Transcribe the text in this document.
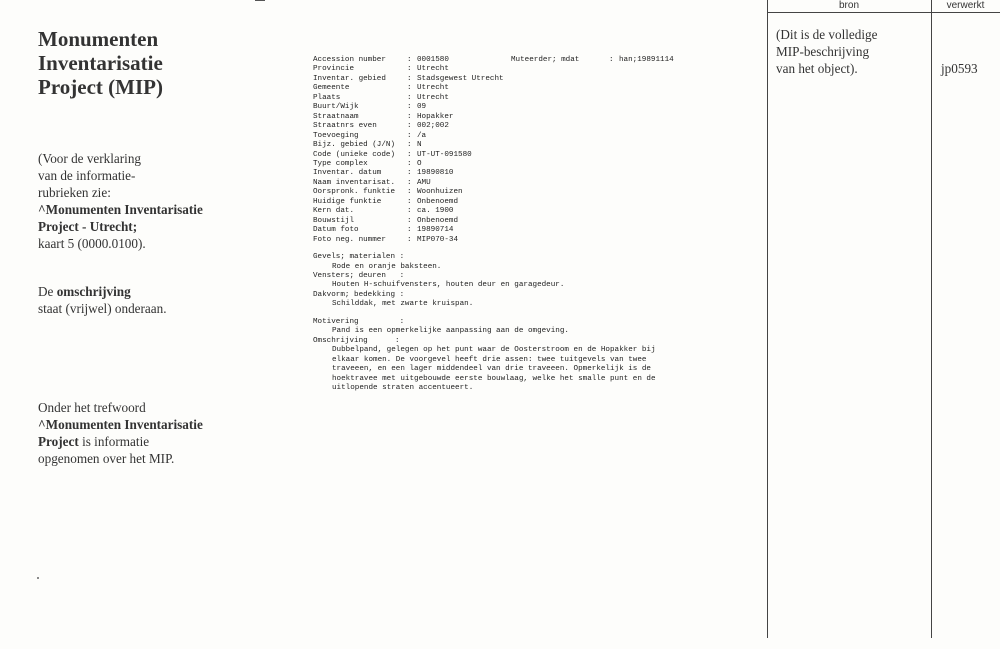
Monumenten
Inventarisatie
Project (MIP)
(Voor de verklaring
van de informatie-
rubrieken zie:
^Monumenten Inventarisatie
Project - Utrecht;
kaart 5 (0000.0100).
De omschrijving
staat (vrijwel) onderaan.
Onder het trefwoord
^Monumenten Inventarisatie
Project is informatie
opgenomen over het MIP.
Accession number	: 0001580	Muteerder; mdat	: han;19891114
Provincie	: Utrecht
Inventar. gebied	: Stadsgewest Utrecht
Gemeente	: Utrecht
Plaats	: Utrecht
Buurt/Wijk	: 09
Straatnaam	: Hopakker
Straatnrs even	: 002;002
Toevoeging	: /a
Bijz. gebied (J/N)	: N
Code (unieke code)	: UT-UT-091580
Type complex	: O
Inventar. datum	: 19890810
Naam inventarisat.	: AMU
Oorspronk. funktie	: Woonhuizen
Huidige funktie	: Onbenoemd
Kern dat.	: ca. 1900
Bouwstijl	: Onbenoemd
Datum foto	: 19890714
Foto neg. nummer	: MIP070-34
Gevels; materialen :
Rode en oranje baksteen.
Vensters; deuren   :
Houten H-schuifvensters, houten deur en garagedeur.
Dakvorm; bedekking :
Schilddak, met zwarte kruispan.
Motivering         :
Pand is een opmerkelijke aanpassing aan de omgeving.
Omschrijving      :
Dubbelpand, gelegen op het punt waar de Oosterstroom en de Hopakker bij
elkaar komen. De voorgevel heeft drie assen: twee tuitgevels van twee
traveeen, en een lager middendeel van drie traveeen. Opmerkelijk is de
hoektravee met uitgebouwde eerste bouwlaag, welke het smalle punt en de
uitlopende straten accentueert.
bron	verwerkt
(Dit is de volledige
MIP-beschrijving
van het object).	jp0593
